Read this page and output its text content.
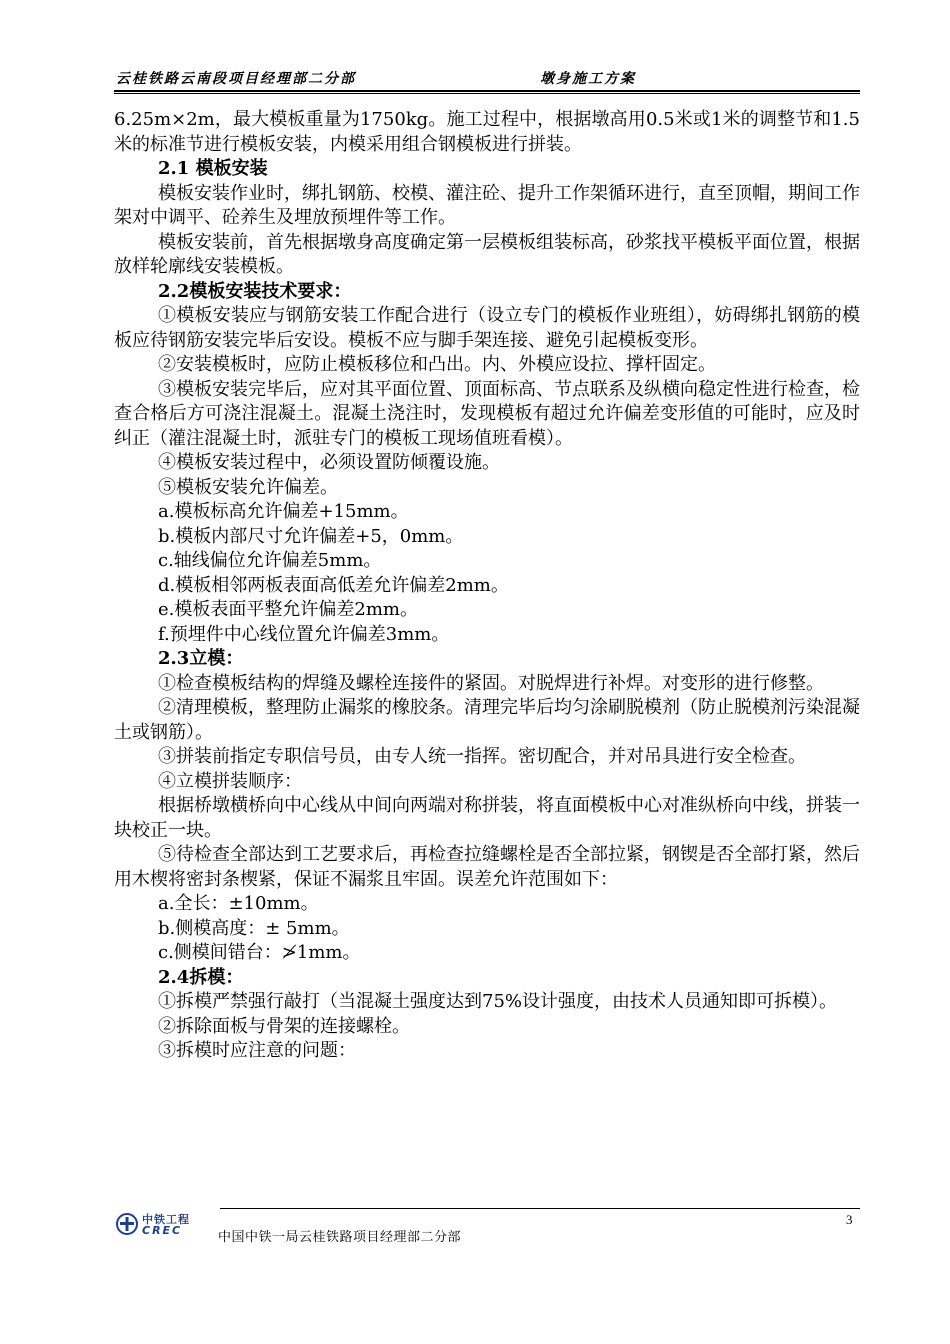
云桂铁路云南段项目经理部二分部	墩身施工方案

6.25m×2m，最大模板重量为1750kg。施工过程中，根据墩高用0.5米或1米的调整节和1.5米的标准节进行模板安装，内模采用组合钢模板进行拼装。

2.1 模板安装

模板安装作业时，绑扎钢筋、校模、灌注砼、提升工作架循环进行，直至顶帽，期间工作架对中调平、砼养生及埋放预埋件等工作。

模板安装前，首先根据墩身高度确定第一层模板组装标高，砂浆找平模板平面位置，根据放样轮廓线安装模板。

2.2模板安装技术要求：

①模板安装应与钢筋安装工作配合进行（设立专门的模板作业班组），妨碍绑扎钢筋的模板应待钢筋安装完毕后安设。模板不应与脚手架连接、避免引起模板变形。

②安装模板时，应防止模板移位和凸出。内、外模应设拉、撑杆固定。

③模板安装完毕后，应对其平面位置、顶面标高、节点联系及纵横向稳定性进行检查，检查合格后方可浇注混凝土。混凝土浇注时，发现模板有超过允许偏差变形值的可能时，应及时纠正（灌注混凝土时，派驻专门的模板工现场值班看模）。

④模板安装过程中，必须设置防倾覆设施。

⑤模板安装允许偏差。

a.模板标高允许偏差+15mm。

b.模板内部尺寸允许偏差+5，0mm。

c.轴线偏位允许偏差5mm。

d.模板相邻两板表面高低差允许偏差2mm。

e.模板表面平整允许偏差2mm。

f.预埋件中心线位置允许偏差3mm。

2.3立模：

①检查模板结构的焊缝及螺栓连接件的紧固。对脱焊进行补焊。对变形的进行修整。

②清理模板，整理防止漏浆的橡胶条。清理完毕后均匀涂刷脱模剂（防止脱模剂污染混凝土或钢筋）。

③拼装前指定专职信号员，由专人统一指挥。密切配合，并对吊具进行安全检查。

④立模拼装顺序：

根据桥墩横桥向中心线从中间向两端对称拼装，将直面模板中心对准纵桥向中线，拼装一块校正一块。

⑤待检查全部达到工艺要求后，再检查拉缝螺栓是否全部拉紧，钢锲是否全部打紧，然后用木楔将密封条楔紧，保证不漏浆且牢固。误差允许范围如下：

a.全长：±10mm。

b.侧模高度：± 5mm。

c.侧模间错台：≯1mm。

2.4拆模：

①拆模严禁强行敲打（当混凝土强度达到75%设计强度，由技术人员通知即可拆模）。

②拆除面板与骨架的连接螺栓。

③拆模时应注意的问题：

中铁工程
CREC
3
中国中铁一局云桂铁路项目经理部二分部
